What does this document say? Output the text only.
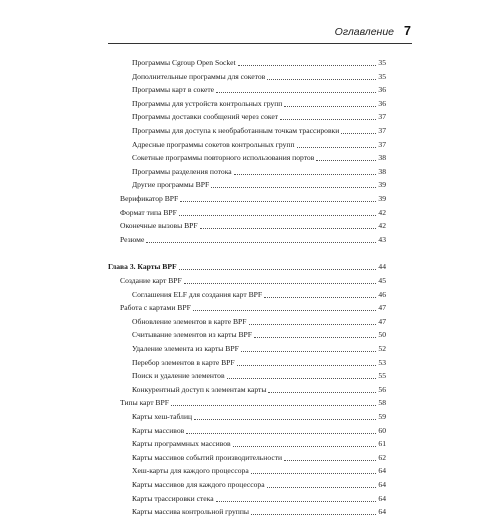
Оглавление 7
Программы Cgroup Open Socket	35
Дополнительные программы для сокетов	35
Программы карт в сокете	36
Программы для устройств контрольных групп	36
Программы доставки сообщений через сокет	37
Программы для доступа к необработанным точкам трассировки	37
Адресные программы сокетов контрольных групп	37
Сокетные программы повторного использования портов	38
Программы разделения потока	38
Другие программы BPF	39
Верификатор BPF	39
Формат типа BPF	42
Оконечные вызовы BPF	42
Резюме	43
Глава 3. Карты BPF	44
Создание карт BPF	45
Соглашения ELF для создания карт BPF	46
Работа с картами BPF	47
Обновление элементов в карте BPF	47
Считывание элементов из карты BPF	50
Удаление элемента из карты BPF	52
Перебор элементов в карте BPF	53
Поиск и удаление элементов	55
Конкурентный доступ к элементам карты	56
Типы карт BPF	58
Карты хеш-таблиц	59
Карты массивов	60
Карты программных массивов	61
Карты массивов событий производительности	62
Хеш-карты для каждого процессора	64
Карты массивов для каждого процессора	64
Карты трассировки стека	64
Карты массива контрольной группы	64
